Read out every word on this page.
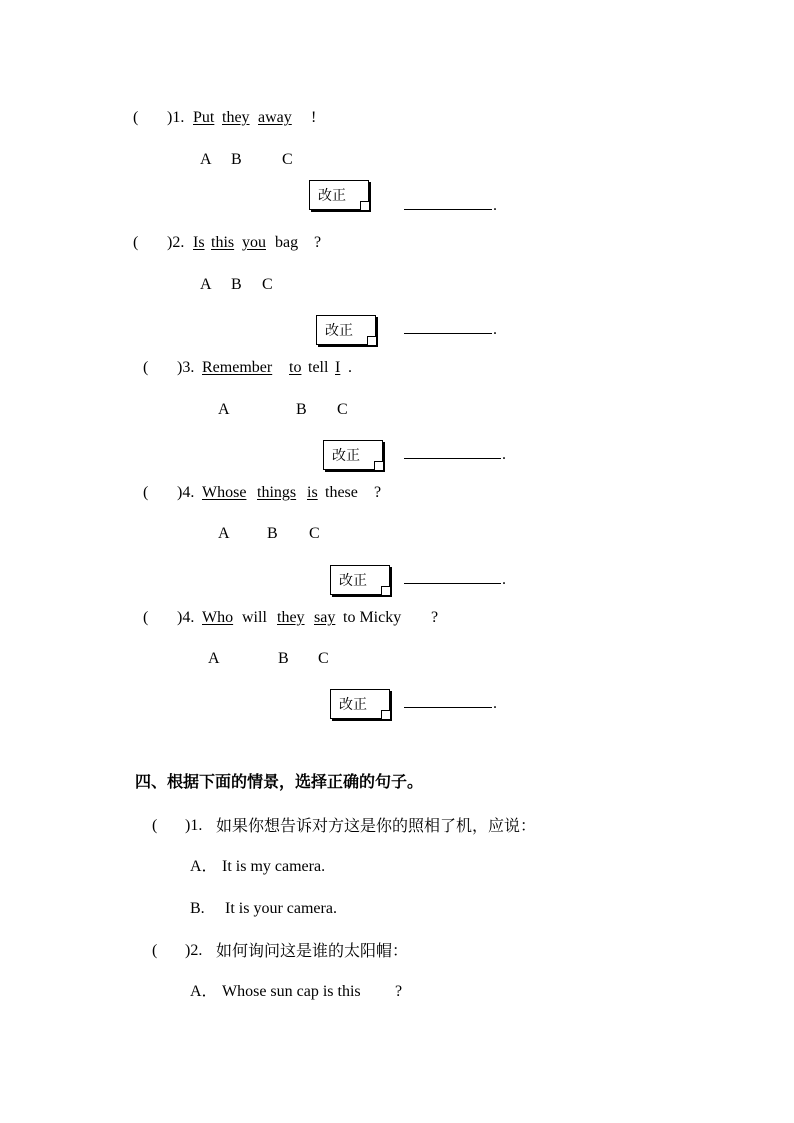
( )1. Put they away !
A B	C
改正
.
( )2. Is this you bag ?
A B C
改正	.
( )3. Remember to tell I .
A	B C
改正	.
( )4. Whose things is these ?
A B C
改正	.
( )4. Who will they say to Micky ?
A	B C
改正	.
四、根据下面的情景，选择正确的句子。
( )1. 如果你想告诉对方这是你的照相了机，应说：
A． It is my camera.
B. It is your camera.
( )2. 如何询问这是谁的太阳帽：
A． Whose sun cap is this ?
